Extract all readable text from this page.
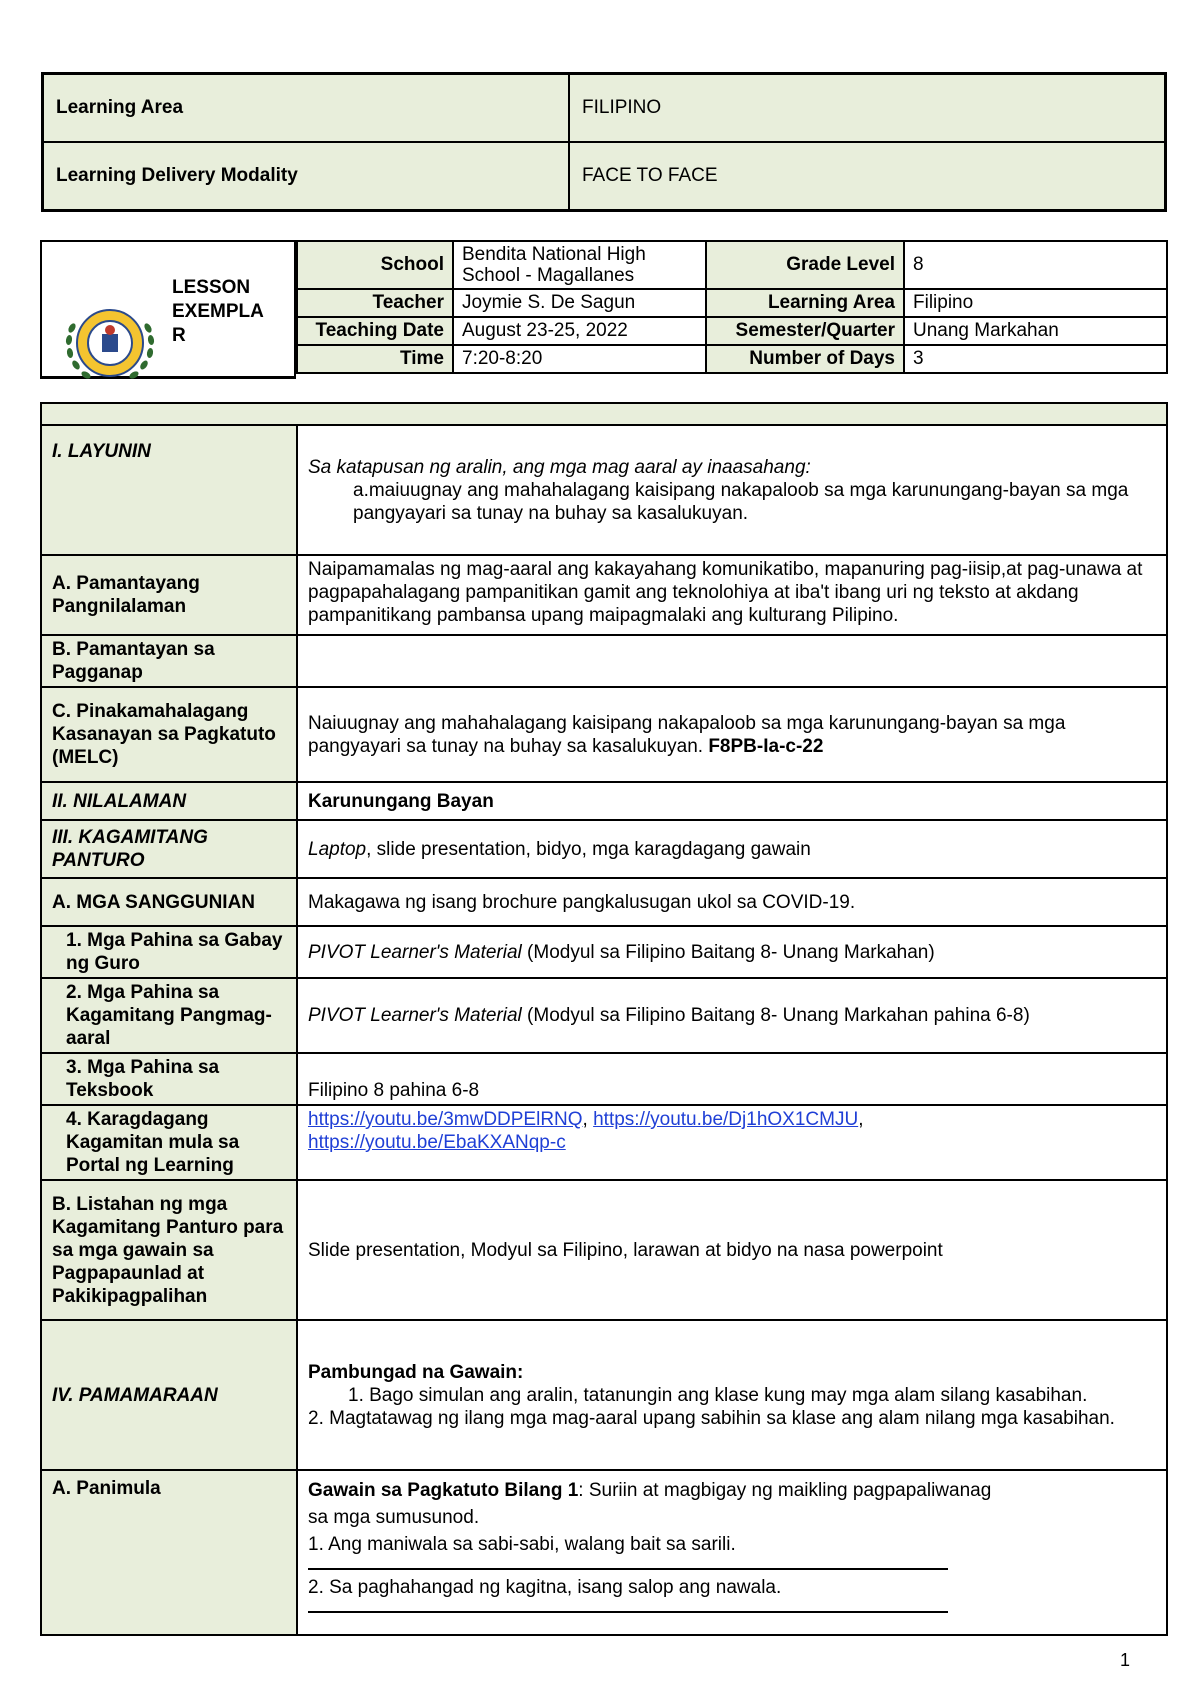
Learning Area	FILIPINO
Learning Delivery Modality	FACE TO FACE
LESSON
EXEMPLA
R
School	Bendita National High School - Magallanes	Grade Level	8
Teacher	Joymie S. De Sagun	Learning Area	Filipino
Teaching Date	August 23-25, 2022	Semester/Quarter	Unang Markahan
Time	7:20-8:20	Number of Days	3

I. LAYUNIN	Sa katapusan ng aralin, ang mga mag aaral ay inaasahang:
a.maiuugnay ang mahahalagang kaisipang nakapaloob sa mga karunungang-bayan sa mga pangyayari sa tunay na buhay sa kasalukuyan.

A. Pamantayang Pangnilalaman	Naipamamalas ng mag-aaral ang kakayahang komunikatibo, mapanuring pag-iisip,at pag-unawa at pagpapahalagang pampanitikan gamit ang teknolohiya at iba't ibang uri ng teksto at akdang pampanitikang pambansa upang maipagmalaki ang kulturang Pilipino.
B. Pamantayan sa Pagganap	
C. Pinakamahalagang Kasanayan sa Pagkatuto (MELC)	Naiuugnay ang mahahalagang kaisipang nakapaloob sa mga karunungang-bayan sa mga pangyayari sa tunay na buhay sa kasalukuyan. F8PB-Ia-c-22
II. NILALAMAN	Karunungang Bayan
III. KAGAMITANG PANTURO	Laptop, slide presentation, bidyo, mga karagdagang gawain
A. MGA SANGGUNIAN	Makagawa ng isang brochure pangkalusugan ukol sa COVID-19.
1. Mga Pahina sa Gabay ng Guro	PIVOT Learner's Material (Modyul sa Filipino Baitang 8- Unang Markahan)
2. Mga Pahina sa Kagamitang Pangmag-aaral	PIVOT Learner's Material (Modyul sa Filipino Baitang 8- Unang Markahan pahina 6-8)
3. Mga Pahina sa Teksbook	Filipino 8 pahina 6-8
4. Karagdagang Kagamitan mula sa Portal ng Learning	https://youtu.be/3mwDDPElRNQ, https://youtu.be/Dj1hOX1CMJU,
https://youtu.be/EbaKXANqp-c
B. Listahan ng mga Kagamitang Panturo para sa mga gawain sa Pagpapaunlad at Pakikipagpalihan	Slide presentation, Modyul sa Filipino, larawan at bidyo na nasa powerpoint
IV. PAMAMARAAN	Pambungad na Gawain:
1. Bago simulan ang aralin, tatanungin ang klase kung may mga alam silang kasabihan.
2. Magtatawag ng ilang mga mag-aaral upang sabihin sa klase ang alam nilang mga kasabihan.

A. Panimula	Gawain sa Pagkatuto Bilang 1: Suriin at magbigay ng maikling pagpapaliwanag
sa mga sumusunod.
1. Ang maniwala sa sabi-sabi, walang bait sa sarili.
2. Sa paghahangad ng kagitna, isang salop ang nawala.
1
